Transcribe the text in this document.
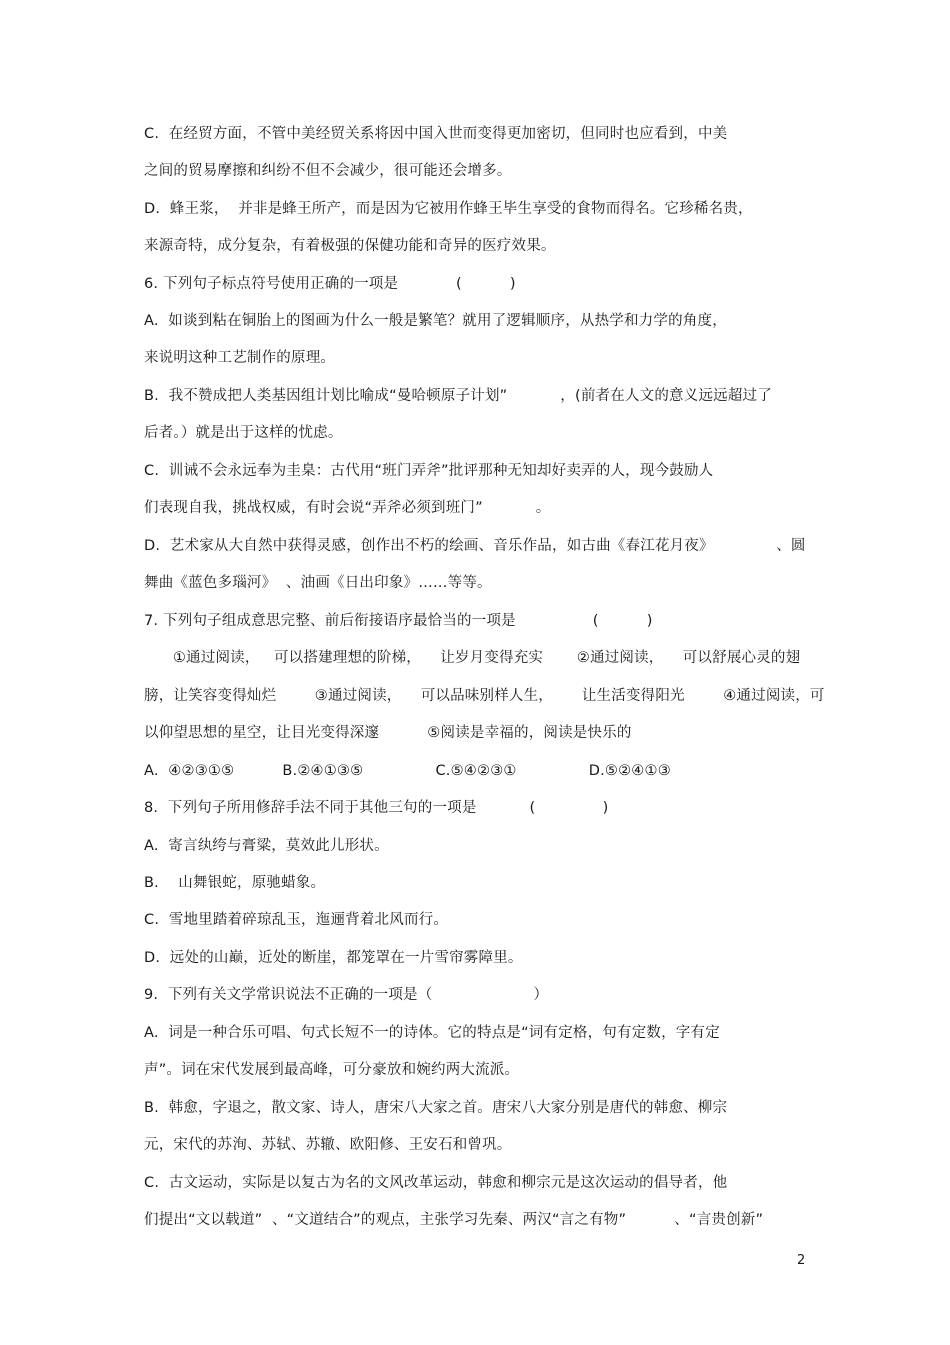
C.  在经贸方面，不管中美经贸关系将因中国入世而变得更加密切，但同时也应看到，中美
之间的贸易摩擦和纠纷不但不会减少，很可能还会增多。
D.  蜂王浆，  并非是蜂王所产，而是因为它被用作蜂王毕生享受的食物而得名。它珍稀名贵，
来源奇特，成分复杂，有着极强的保健功能和奇异的医疗效果。
6. 下列句子标点符号使用正确的一项是            (          )
A.  如谈到粘在铜胎上的图画为什么一般是繁笔？就用了逻辑顺序，从热学和力学的角度，
来说明这种工艺制作的原理。
B.  我不赞成把人类基因组计划比喻成“曼哈顿原子计划”           ，(前者在人文的意义远远超过了
后者。）就是出于这样的忧虑。
C.  训诫不会永远奉为圭臬：古代用“班门弄斧”批评那种无知却好卖弄的人，现今鼓励人
们表现自我，挑战权威，有时会说“弄斧必须到班门”           。
D.  艺术家从大自然中获得灵感，创作出不朽的绘画、音乐作品，如古曲《春江花月夜》             、圆
舞曲《蓝色多瑙河》  、油画《日出印象》……等等。
7. 下列句子组成意思完整、前后衔接语序最恰当的一项是                (          )
①通过阅读，   可以搭建理想的阶梯，    让岁月变得充实       ②通过阅读，    可以舒展心灵的翅
膀，让笑容变得灿烂        ③通过阅读，    可以品味别样人生，      让生活变得阳光        ④通过阅读，可
以仰望思想的星空，让目光变得深邃          ⑤阅读是幸福的，阅读是快乐的
A.  ④②③①⑤          B.②④①③⑤               C.⑤④②③①               D.⑤②④①③
8.  下列句子所用修辞手法不同于其他三句的一项是           (              )
A.  寄言纨绔与膏粱，莫效此儿形状。
B.    山舞银蛇，原驰蜡象。
C.  雪地里踏着碎琼乱玉，迤逦背着北风而行。
D.  远处的山巅，近处的断崖，都笼罩在一片雪帘雾障里。
9.  下列有关文学常识说法不正确的一项是（                     ）
A.  词是一种合乐可唱、句式长短不一的诗体。它的特点是“词有定格，句有定数，字有定
声”。词在宋代发展到最高峰，可分豪放和婉约两大流派。
B.  韩愈，字退之，散文家、诗人，唐宋八大家之首。唐宋八大家分别是唐代的韩愈、柳宗
元，宋代的苏洵、苏轼、苏辙、欧阳修、王安石和曾巩。
C.  古文运动，实际是以复古为名的文风改革运动，韩愈和柳宗元是这次运动的倡导者，他
们提出“文以载道”  、“文道结合”的观点，主张学习先秦、两汉“言之有物”          、“言贵创新”
2
